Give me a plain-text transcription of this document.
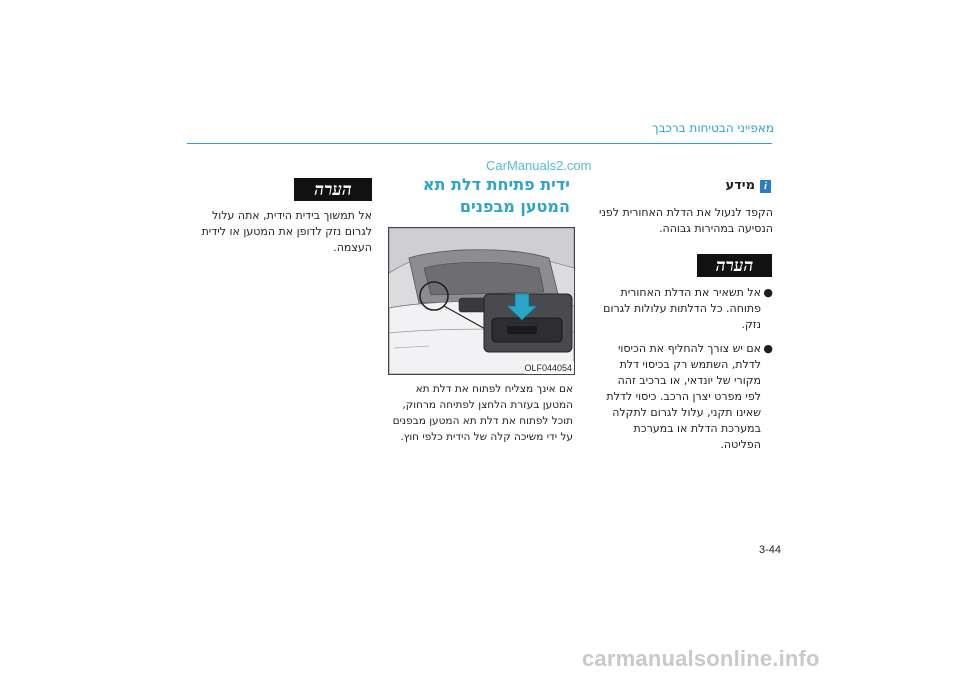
מאפייני הבטיחות ברכבך
CarManuals2.com
i
מידע
הקפד לנעול את הדלת האחורית לפני הנסיעה במהירות גבוהה.
הערה
●
אל תשאיר את הדלת האחורית פתוחה. כל הדלתות עלולות לגרום נזק.
●
אם יש צורך להחליף את הכיסוי לדלת, השתמש רק בכיסוי דלת מקורי של יונדאי, או ברכיב זהה לפי מפרט יצרן הרכב. כיסוי לדלת שאינו תקני, עלול לגרום לתקלה במערכת הדלת או במערכת הפליטה.
ידית פתיחת דלת תא המטען מבפנים
OLF044054
אם אינך מצליח לפתוח את דלת תא המטען בעזרת הלחצן לפתיחה מרחוק, תוכל לפתוח את דלת תא המטען מבפנים על ידי משיכה קלה של הידית כלפי חוץ.
הערה
אל תמשוך בידית הידית, אתה עלול לגרום נזק לדופן את המטען או לידית העצמה.
3-44
carmanualsonline.info
